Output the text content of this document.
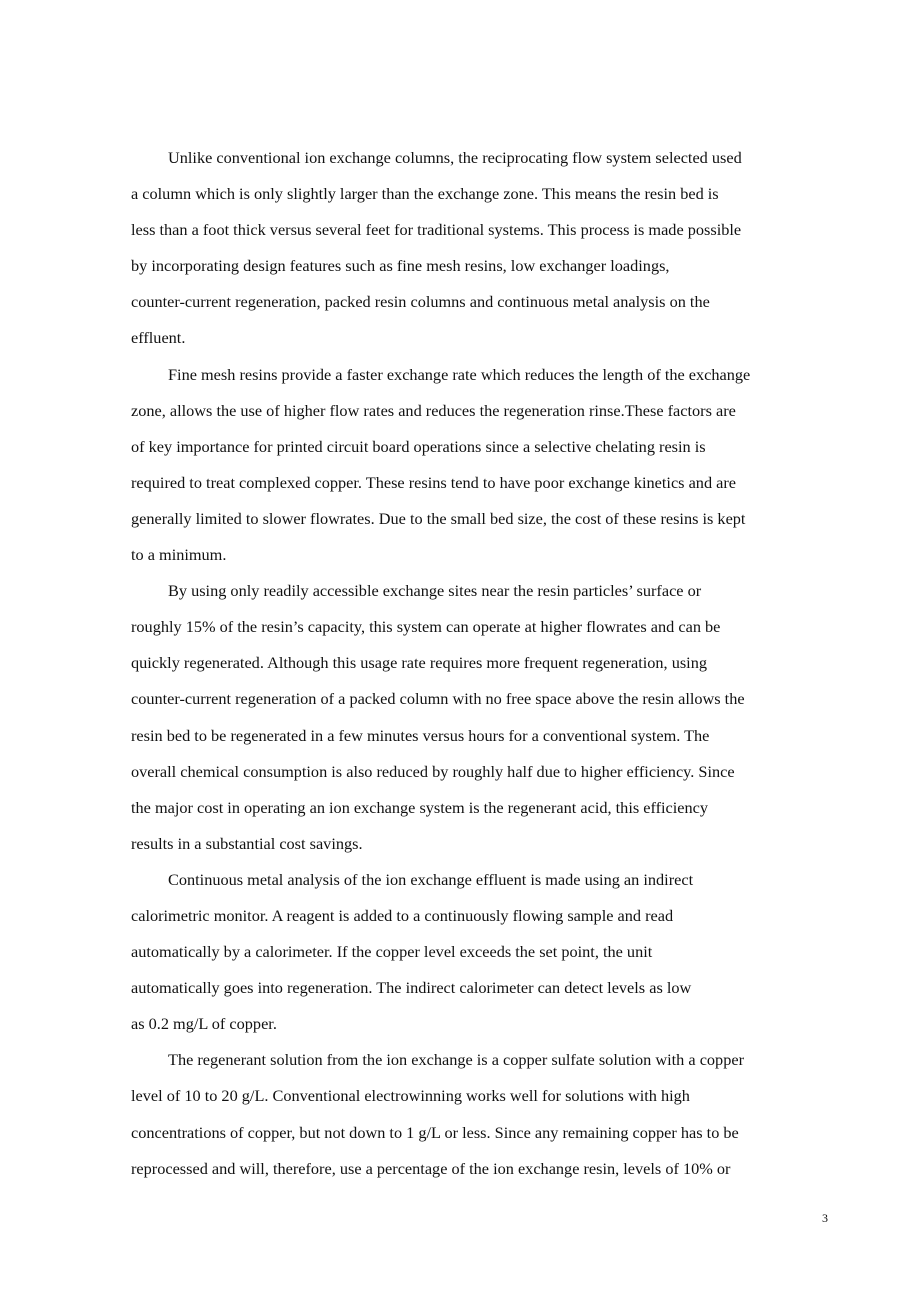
Unlike conventional ion exchange columns, the reciprocating flow system selected used
a column which is only slightly larger than the exchange zone. This means the resin bed is
less than a foot thick versus several feet for traditional systems. This process is made possible
by incorporating design features such as fine mesh resins, low exchanger loadings,
counter-current regeneration, packed resin columns and continuous metal analysis on the
effluent.
Fine mesh resins provide a faster exchange rate which reduces the length of the exchange
zone, allows the use of higher flow rates and reduces the regeneration rinse.These factors are
of key importance for printed circuit board operations since a selective chelating resin is
required to treat complexed copper. These resins tend to have poor exchange kinetics and are
generally limited to slower flowrates. Due to the small bed size, the cost of these resins is kept
to a minimum.
By using only readily accessible exchange sites near the resin particles’ surface or
roughly 15% of the resin’s capacity, this system can operate at higher flowrates and can be
quickly regenerated. Although this usage rate requires more frequent regeneration, using
counter-current regeneration of a packed column with no free space above the resin allows the
resin bed to be regenerated in a few minutes versus hours for a conventional system. The
overall chemical consumption is also reduced by roughly half due to higher efficiency. Since
the major cost in operating an ion exchange system is the regenerant acid, this efficiency
results in a substantial cost savings.
Continuous metal analysis of the ion exchange effluent is made using an indirect
calorimetric monitor. A reagent is added to a continuously flowing sample and read
automatically by a calorimeter. If the copper level exceeds the set point, the unit
automatically goes into regeneration. The indirect calorimeter can detect levels as low
as 0.2 mg/L of copper.
The regenerant solution from the ion exchange is a copper sulfate solution with a copper
level of 10 to 20 g/L. Conventional electrowinning works well for solutions with high
concentrations of copper, but not down to 1 g/L or less. Since any remaining copper has to be
reprocessed and will, therefore, use a percentage of the ion exchange resin, levels of 10% or
3
